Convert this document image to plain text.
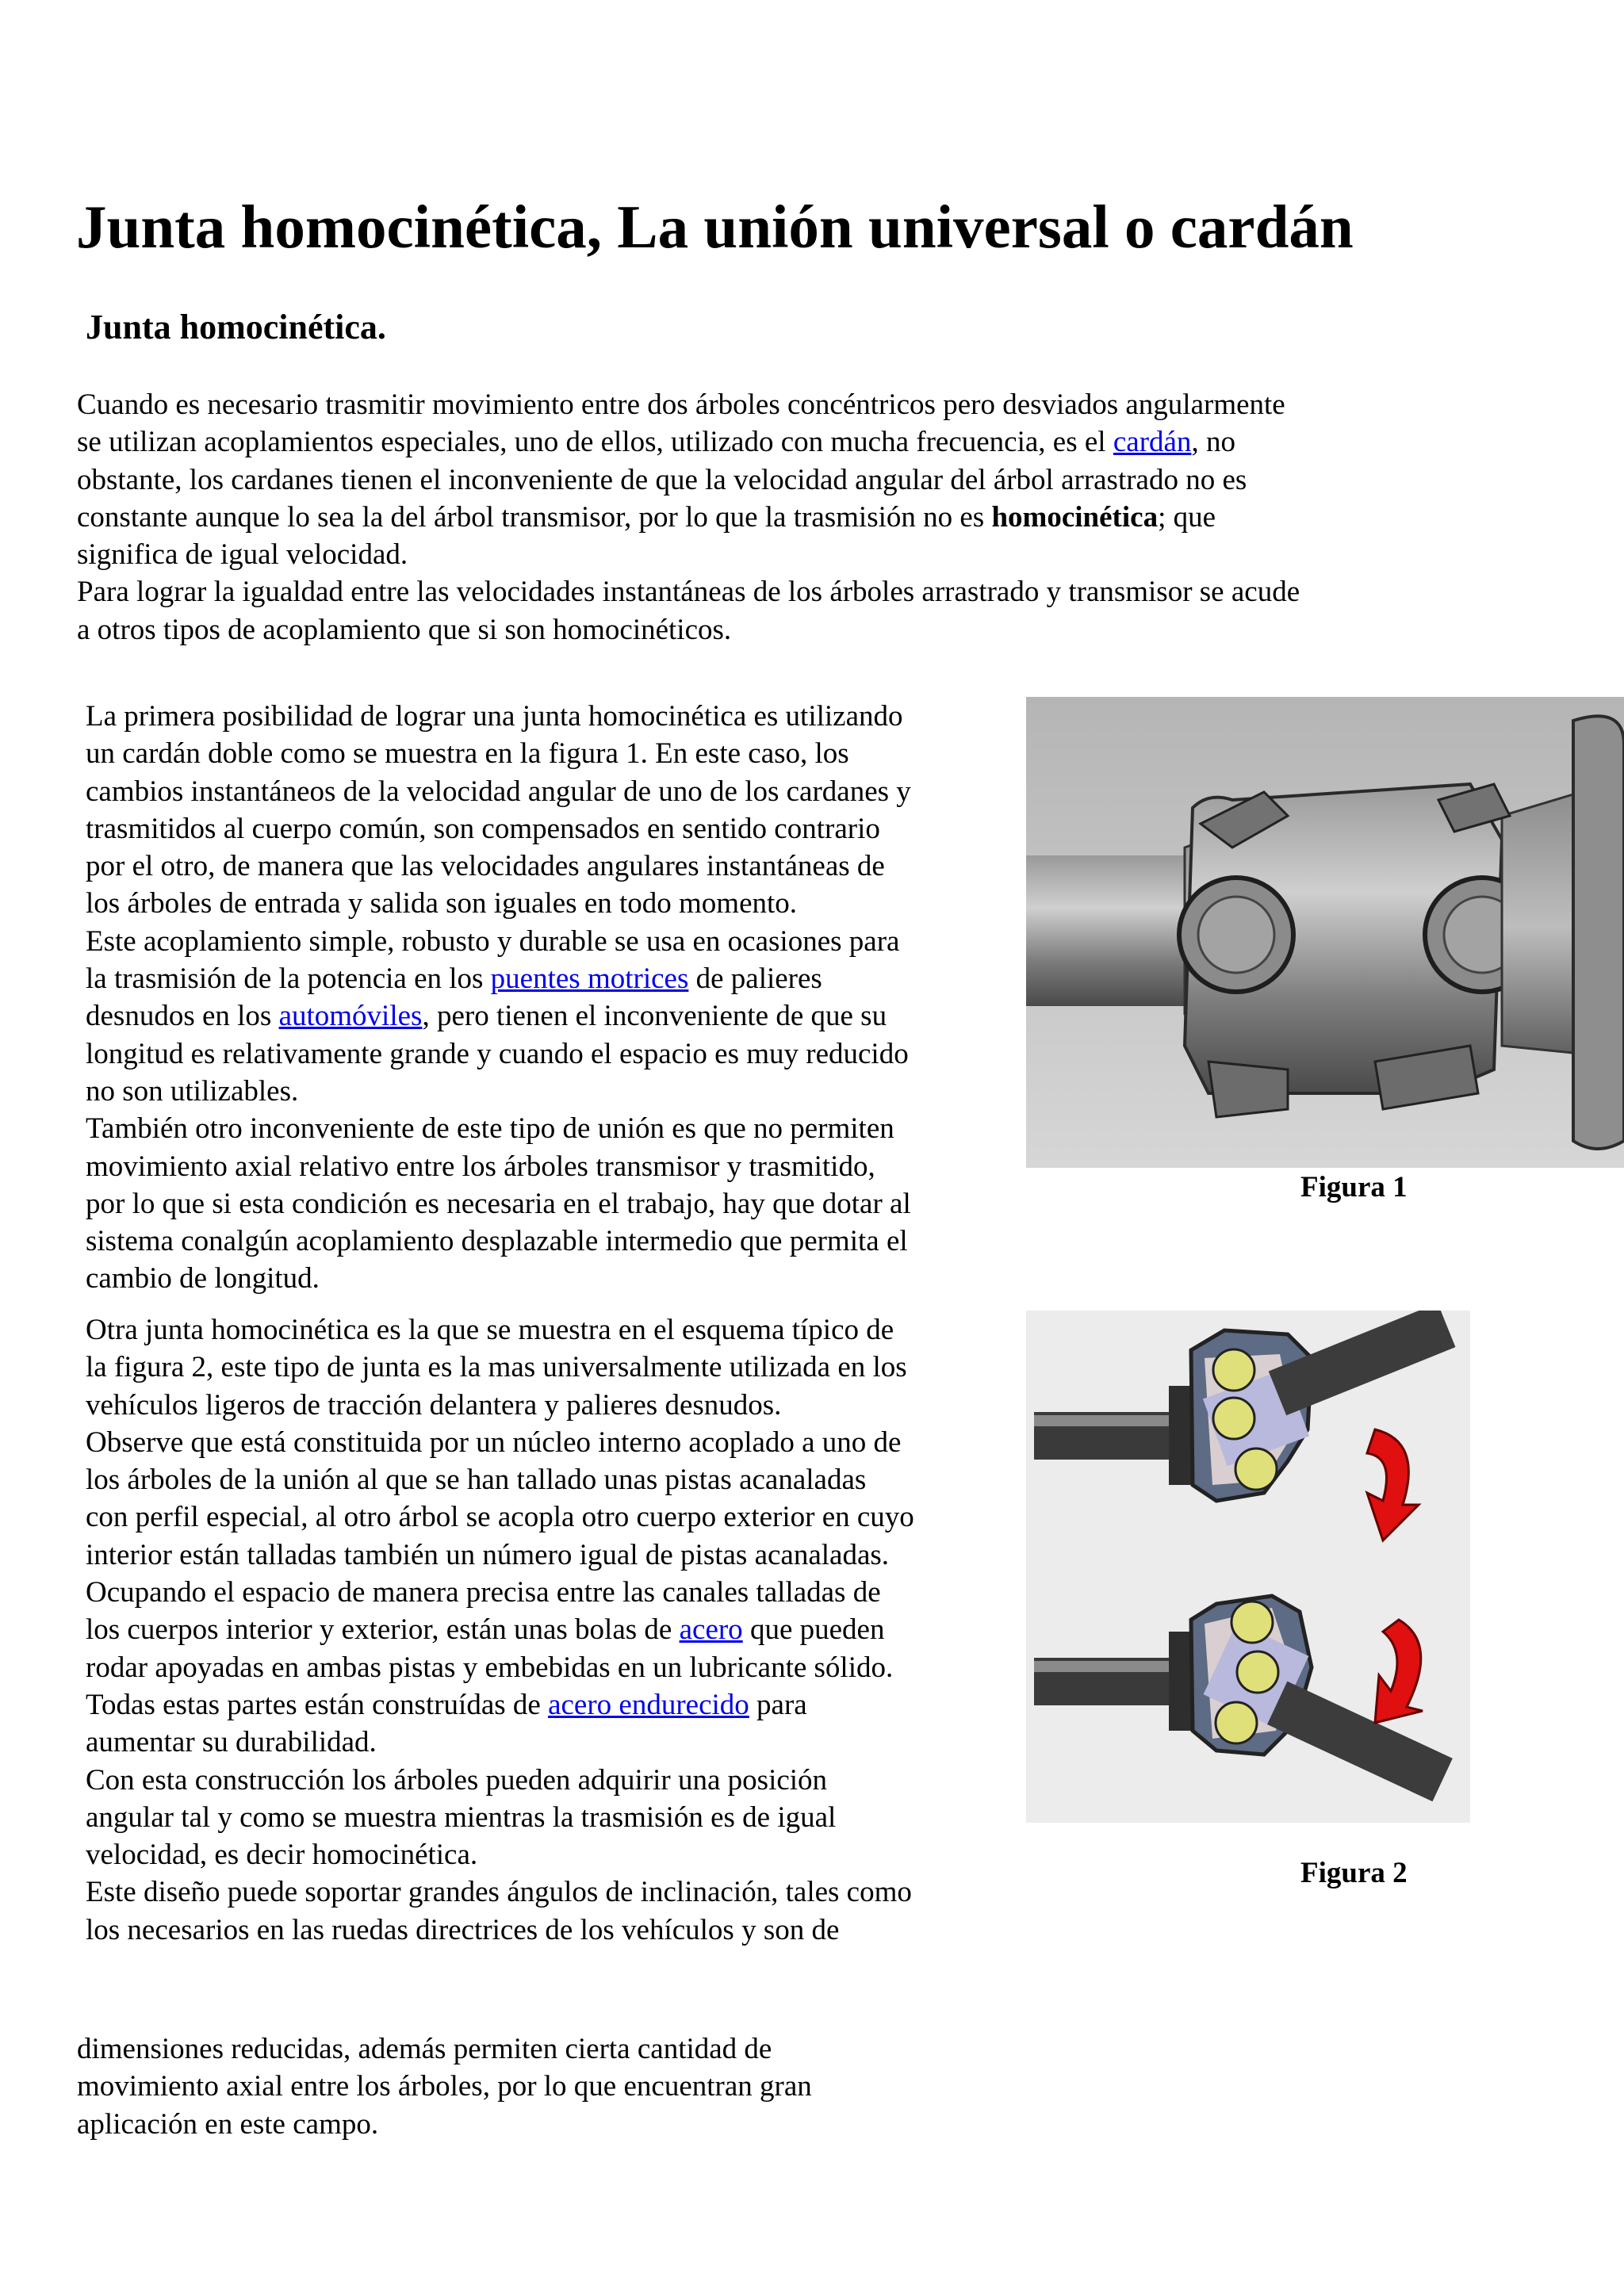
Junta homocinética, La unión universal o cardán
Junta homocinética.
Cuando es necesario trasmitir movimiento entre dos árboles concéntricos pero desviados angularmente
se utilizan acoplamientos especiales, uno de ellos, utilizado con mucha frecuencia, es el cardán, no
obstante, los cardanes tienen el inconveniente de que la velocidad angular del árbol arrastrado no es
constante aunque lo sea la del árbol transmisor, por lo que la trasmisión no es homocinética; que
significa de igual velocidad.
Para lograr la igualdad entre las velocidades instantáneas de los árboles arrastrado y transmisor se acude
a otros tipos de acoplamiento que si son homocinéticos.
La primera posibilidad de lograr una junta homocinética es utilizando
un cardán doble como se muestra en la figura 1. En este caso, los
cambios instantáneos de la velocidad angular de uno de los cardanes y
trasmitidos al cuerpo común, son compensados en sentido contrario
por el otro, de manera que las velocidades angulares instantáneas de
los árboles de entrada y salida son iguales en todo momento.
Este acoplamiento simple, robusto y durable se usa en ocasiones para
la trasmisión de la potencia en los puentes motrices de palieres
desnudos en los automóviles, pero tienen el inconveniente de que su
longitud es relativamente grande y cuando el espacio es muy reducido
no son utilizables.
También otro inconveniente de este tipo de unión es que no permiten
movimiento axial relativo entre los árboles transmisor y trasmitido,
por lo que si esta condición es necesaria en el trabajo, hay que dotar al
sistema conalgún acoplamiento desplazable intermedio que permita el
cambio de longitud.
Otra junta homocinética es la que se muestra en el esquema típico de
la figura 2, este tipo de junta es la mas universalmente utilizada en los
vehículos ligeros de tracción delantera y palieres desnudos.
Observe que está constituida por un núcleo interno acoplado a uno de
los árboles de la unión al que se han tallado unas pistas acanaladas
con perfil especial, al otro árbol se acopla otro cuerpo exterior en cuyo
interior están talladas también un número igual de pistas acanaladas.
Ocupando el espacio de manera precisa entre las canales talladas de
los cuerpos interior y exterior, están unas bolas de acero que pueden
rodar apoyadas en ambas pistas y embebidas en un lubricante sólido.
Todas estas partes están construídas de acero endurecido para
aumentar su durabilidad.
Con esta construcción los árboles pueden adquirir una posición
angular tal y como se muestra mientras la trasmisión es de igual
velocidad, es decir homocinética.
Este diseño puede soportar grandes ángulos de inclinación, tales como
los necesarios en las ruedas directrices de los vehículos y son de
dimensiones reducidas, además permiten cierta cantidad de
movimiento axial entre los árboles, por lo que encuentran gran
aplicación en este campo.
Figura 1
Figura 2
